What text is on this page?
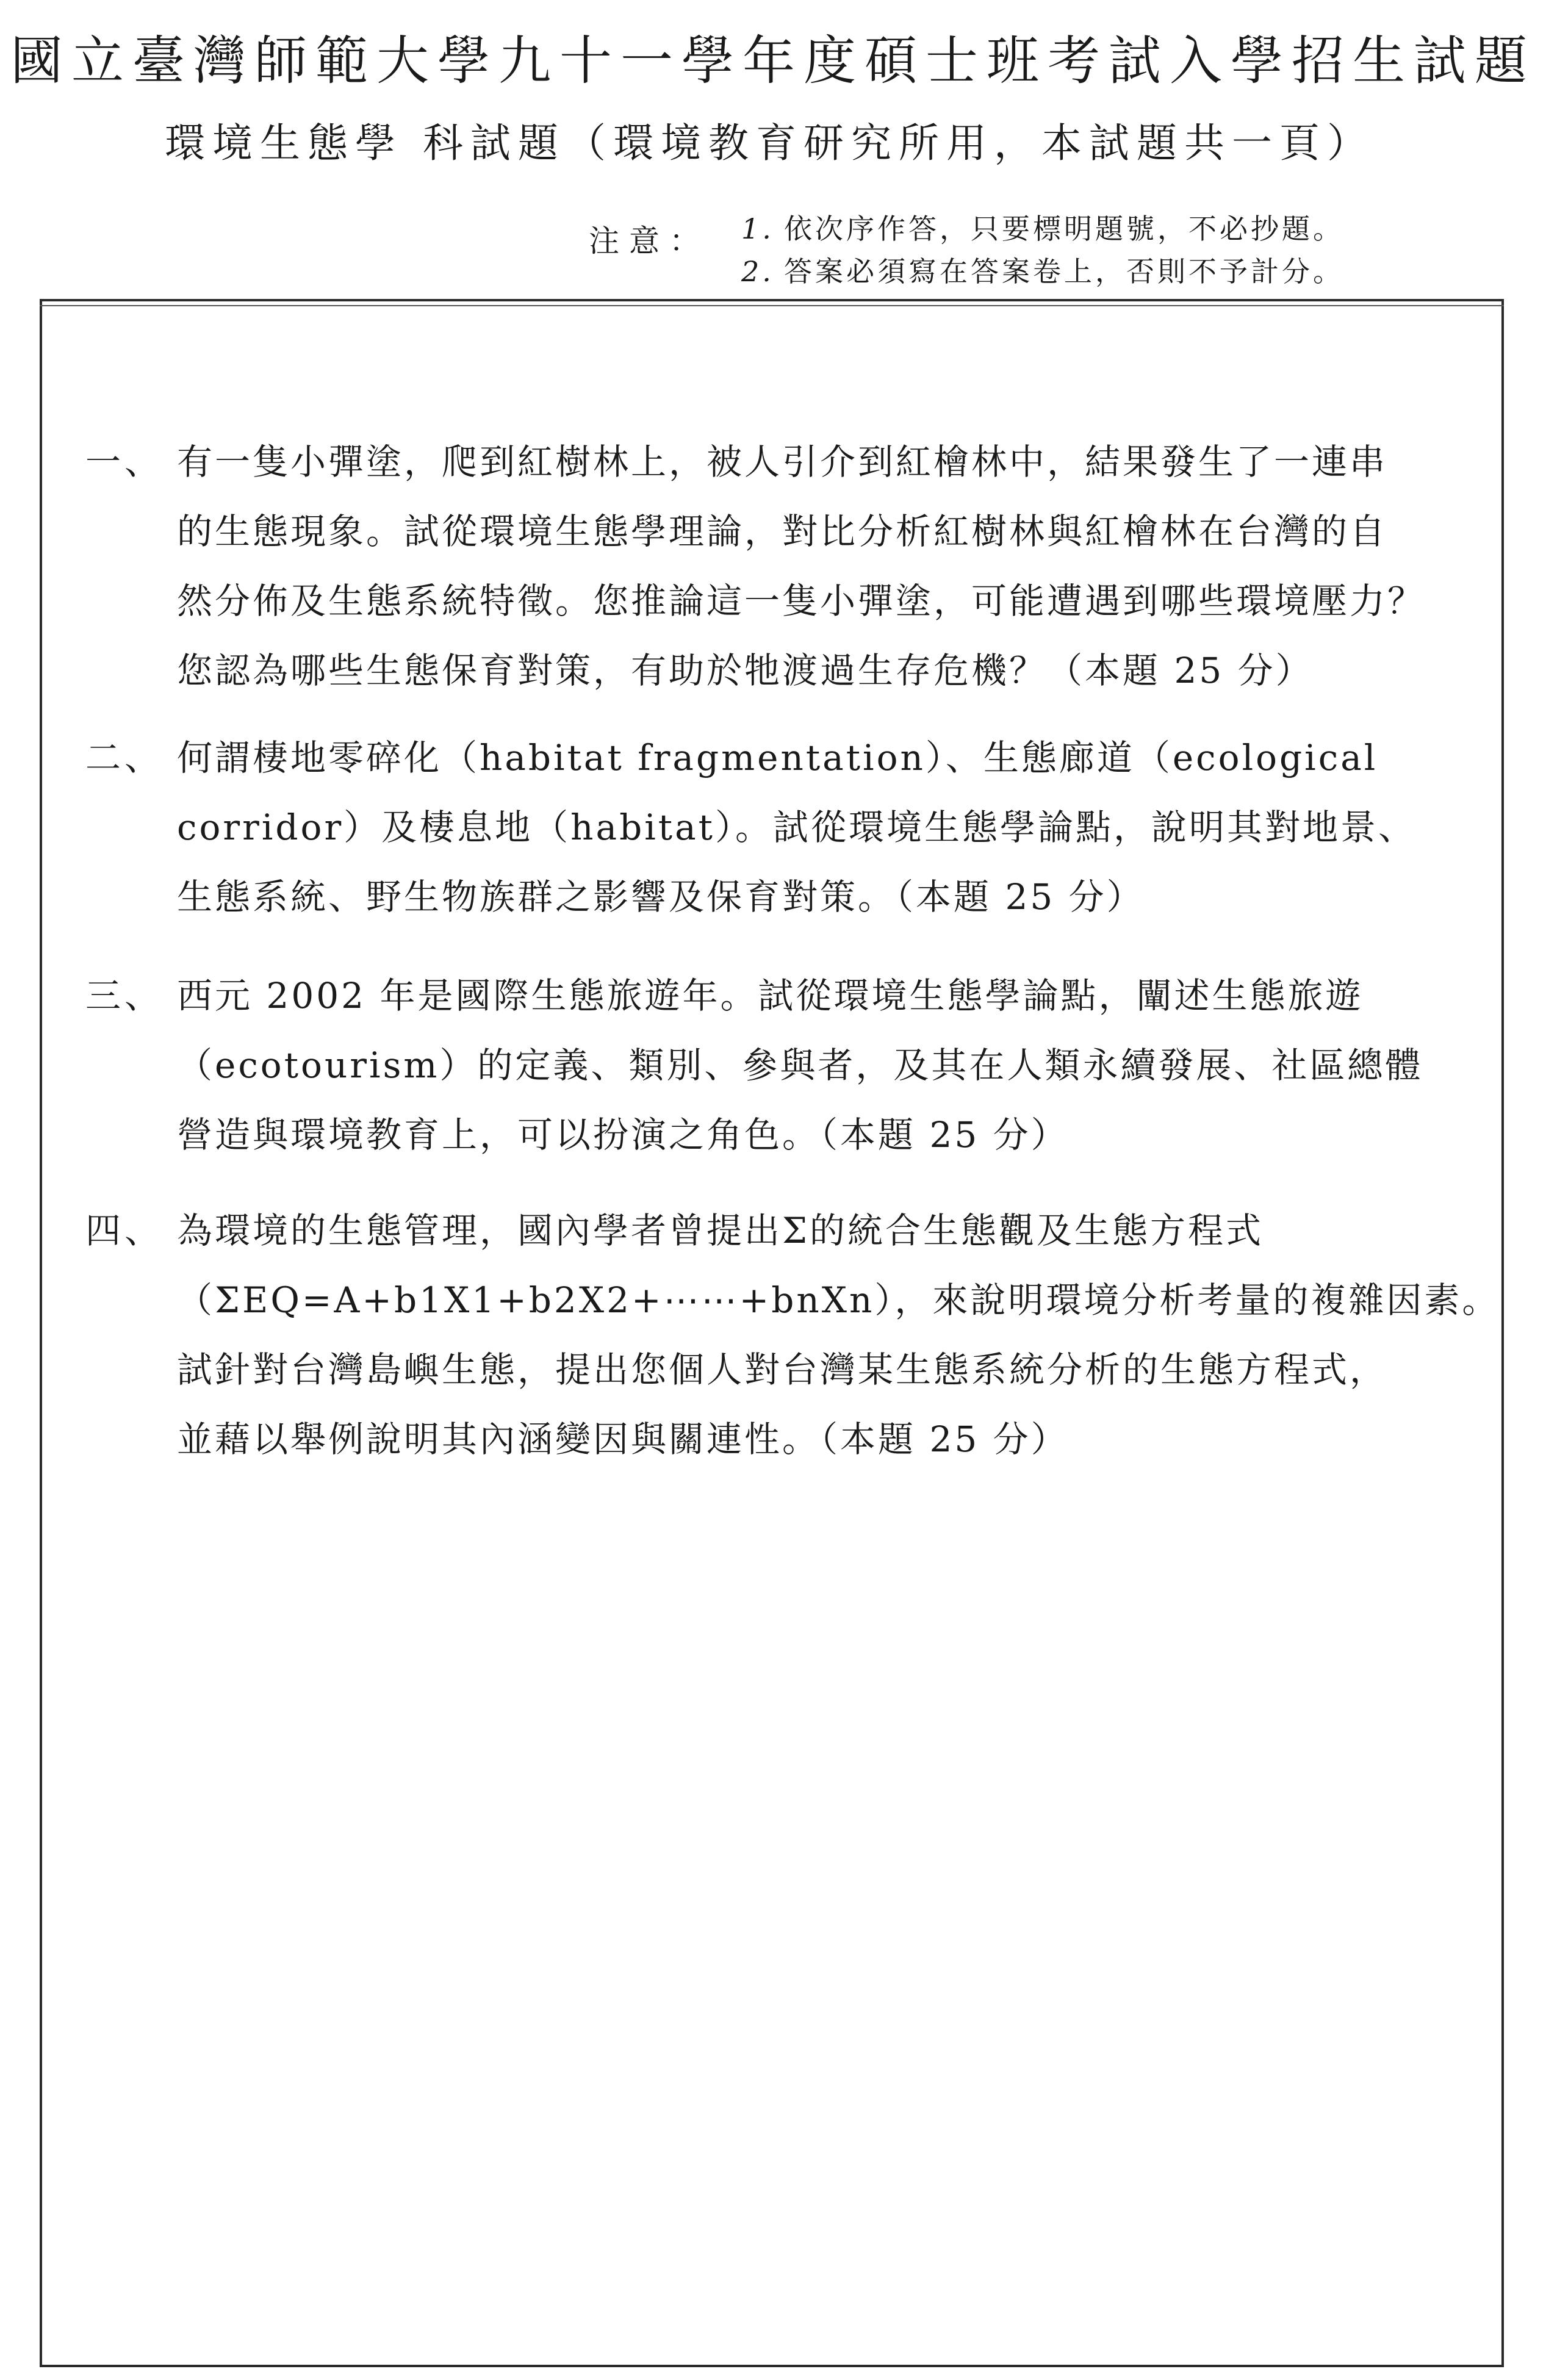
國立臺灣師範大學九十一學年度碩士班考試入學招生試題
環境生態學 科試題（環境教育研究所用，本試題共一頁）
注意： 1. 依次序作答，只要標明題號，不必抄題。
2. 答案必須寫在答案卷上，否則不予計分。
一、 有一隻小彈塗，爬到紅樹林上，被人引介到紅檜林中，結果發生了一連串
的生態現象。試從環境生態學理論，對比分析紅樹林與紅檜林在台灣的自
然分佈及生態系統特徵。您推論這一隻小彈塗，可能遭遇到哪些環境壓力？
您認為哪些生態保育對策，有助於牠渡過生存危機？（本題 25 分）
二、 何謂棲地零碎化（habitat fragmentation）、生態廊道（ecological
corridor）及棲息地（habitat）。試從環境生態學論點，說明其對地景、
生態系統、野生物族群之影響及保育對策。（本題 25 分）
三、 西元 2002 年是國際生態旅遊年。試從環境生態學論點，闡述生態旅遊
（ecotourism）的定義、類別、參與者，及其在人類永續發展、社區總體
營造與環境教育上，可以扮演之角色。（本題 25 分）
四、 為環境的生態管理，國內學者曾提出Σ的統合生態觀及生態方程式
（ΣEQ=A+b1X1+b2X2+⋯⋯+bnXn），來說明環境分析考量的複雜因素。
試針對台灣島嶼生態，提出您個人對台灣某生態系統分析的生態方程式，
並藉以舉例說明其內涵變因與關連性。（本題 25 分）
